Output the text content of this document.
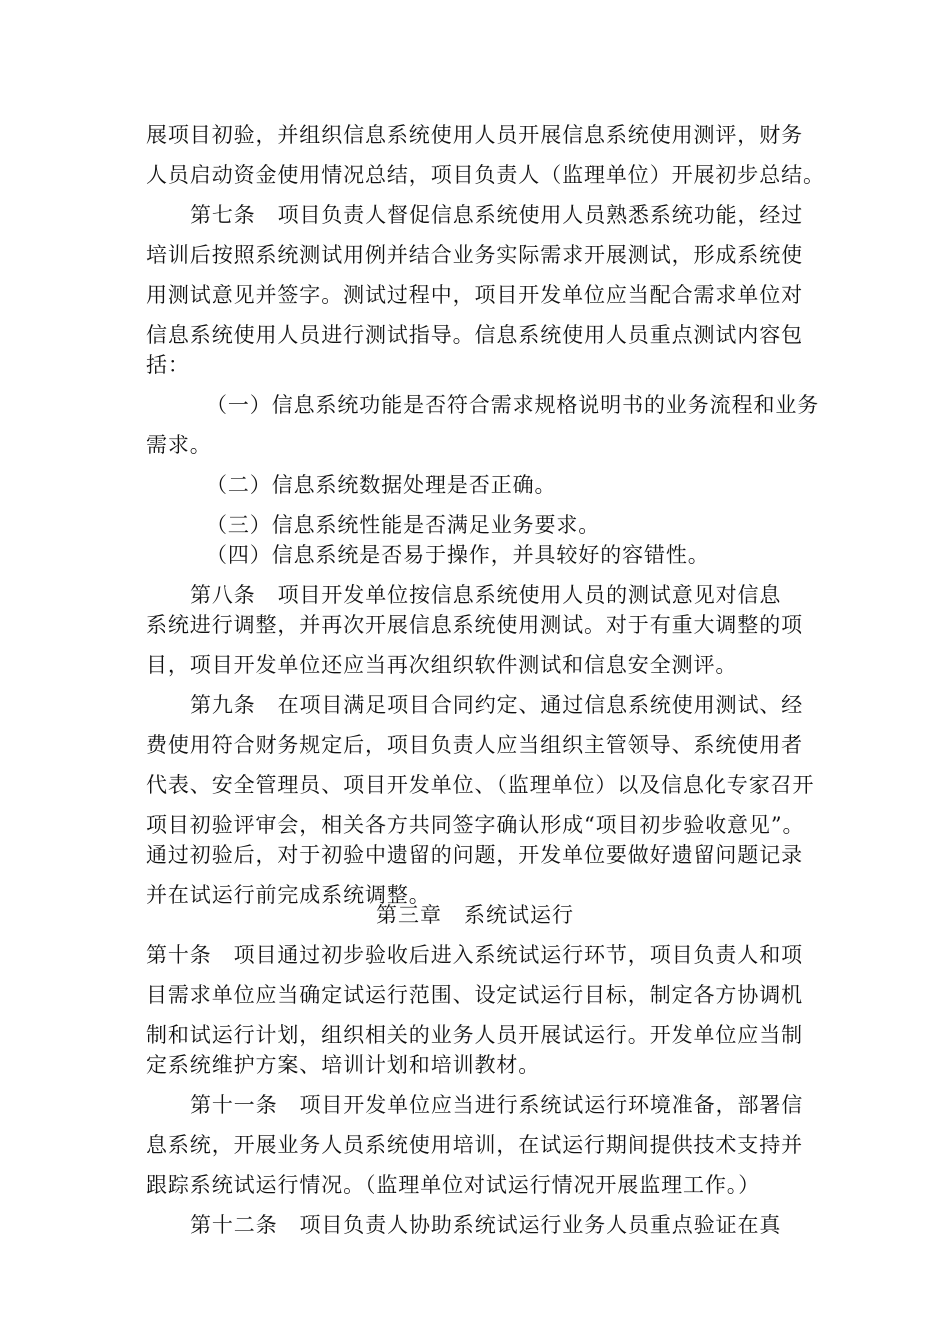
展项目初验，并组织信息系统使用人员开展信息系统使用测评，财务
人员启动资金使用情况总结，项目负责人（监理单位）开展初步总结。
第七条　项目负责人督促信息系统使用人员熟悉系统功能，经过
培训后按照系统测试用例并结合业务实际需求开展测试，形成系统使
用测试意见并签字。测试过程中，项目开发单位应当配合需求单位对
信息系统使用人员进行测试指导。信息系统使用人员重点测试内容包
括：
（一）信息系统功能是否符合需求规格说明书的业务流程和业务
需求。
（二）信息系统数据处理是否正确。
（三）信息系统性能是否满足业务要求。
（四）信息系统是否易于操作，并具较好的容错性。
第八条　项目开发单位按信息系统使用人员的测试意见对信息
系统进行调整，并再次开展信息系统使用测试。对于有重大调整的项
目，项目开发单位还应当再次组织软件测试和信息安全测评。
第九条　在项目满足项目合同约定、通过信息系统使用测试、经
费使用符合财务规定后，项目负责人应当组织主管领导、系统使用者
代表、安全管理员、项目开发单位、（监理单位）以及信息化专家召开
项目初验评审会，相关各方共同签字确认形成“项目初步验收意见”。
通过初验后，对于初验中遗留的问题，开发单位要做好遗留问题记录
并在试运行前完成系统调整。
第三章　系统试运行
第十条　项目通过初步验收后进入系统试运行环节，项目负责人和项
目需求单位应当确定试运行范围、设定试运行目标，制定各方协调机
制和试运行计划，组织相关的业务人员开展试运行。开发单位应当制
定系统维护方案、培训计划和培训教材。
第十一条　项目开发单位应当进行系统试运行环境准备，部署信
息系统，开展业务人员系统使用培训，在试运行期间提供技术支持并
跟踪系统试运行情况。（监理单位对试运行情况开展监理工作。）
第十二条　项目负责人协助系统试运行业务人员重点验证在真
